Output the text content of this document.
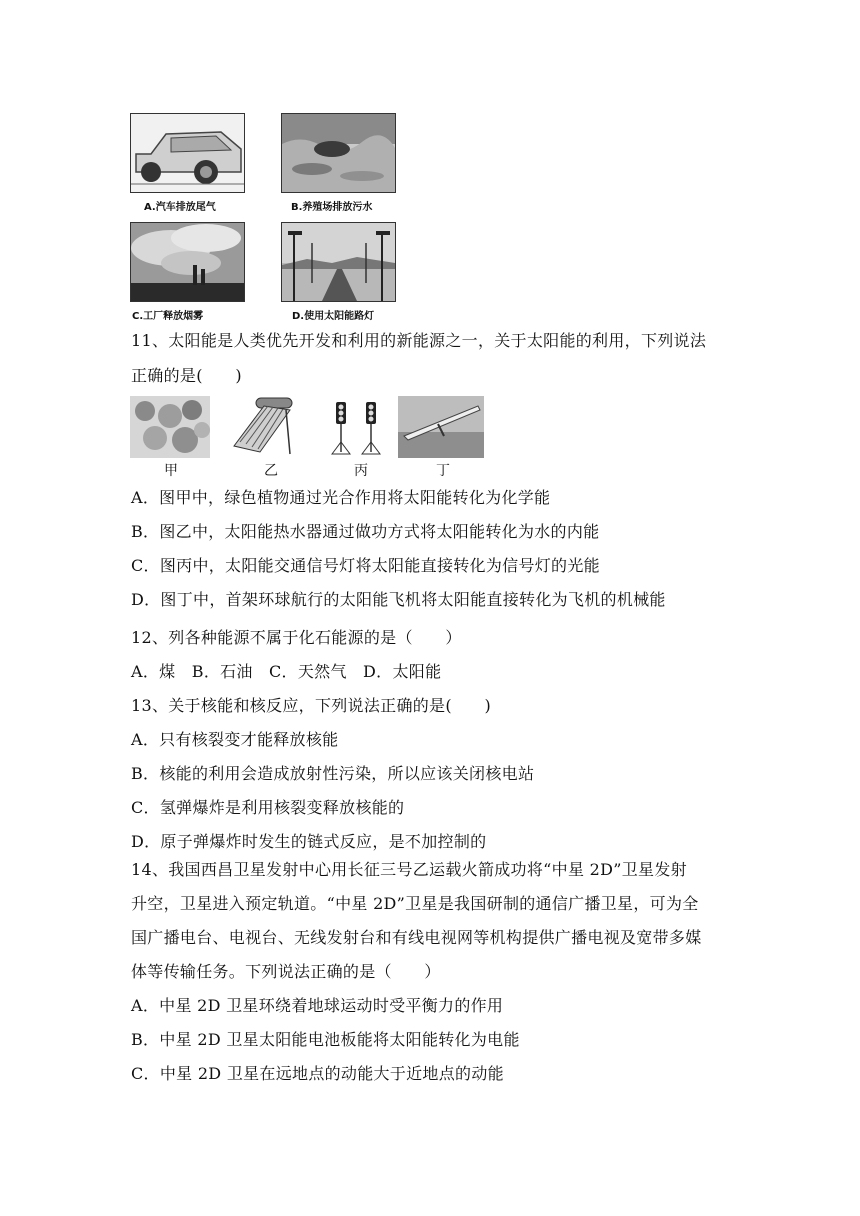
A.汽车排放尾气	B.养殖场排放污水
C.工厂释放烟雾	D.使用太阳能路灯
11、太阳能是人类优先开发和利用的新能源之一，关于太阳能的利用，下列说法
正确的是(　　)
甲	乙	丙	丁
A．图甲中，绿色植物通过光合作用将太阳能转化为化学能
B．图乙中，太阳能热水器通过做功方式将太阳能转化为水的内能
C．图丙中，太阳能交通信号灯将太阳能直接转化为信号灯的光能
D．图丁中，首架环球航行的太阳能飞机将太阳能直接转化为飞机的机械能
12、列各种能源不属于化石能源的是（　　）
A．煤　B．石油　C．天然气　D．太阳能
13、关于核能和核反应，下列说法正确的是(　　)
A．只有核裂变才能释放核能
B．核能的利用会造成放射性污染，所以应该关闭核电站
C．氢弹爆炸是利用核裂变释放核能的
D．原子弹爆炸时发生的链式反应，是不加控制的
14、我国西昌卫星发射中心用长征三号乙运载火箭成功将“中星 2D”卫星发射
升空，卫星进入预定轨道。“中星 2D”卫星是我国研制的通信广播卫星，可为全
国广播电台、电视台、无线发射台和有线电视网等机构提供广播电视及宽带多媒
体等传输任务。下列说法正确的是（　　）
A．中星 2D 卫星环绕着地球运动时受平衡力的作用
B．中星 2D 卫星太阳能电池板能将太阳能转化为电能
C．中星 2D 卫星在远地点的动能大于近地点的动能
